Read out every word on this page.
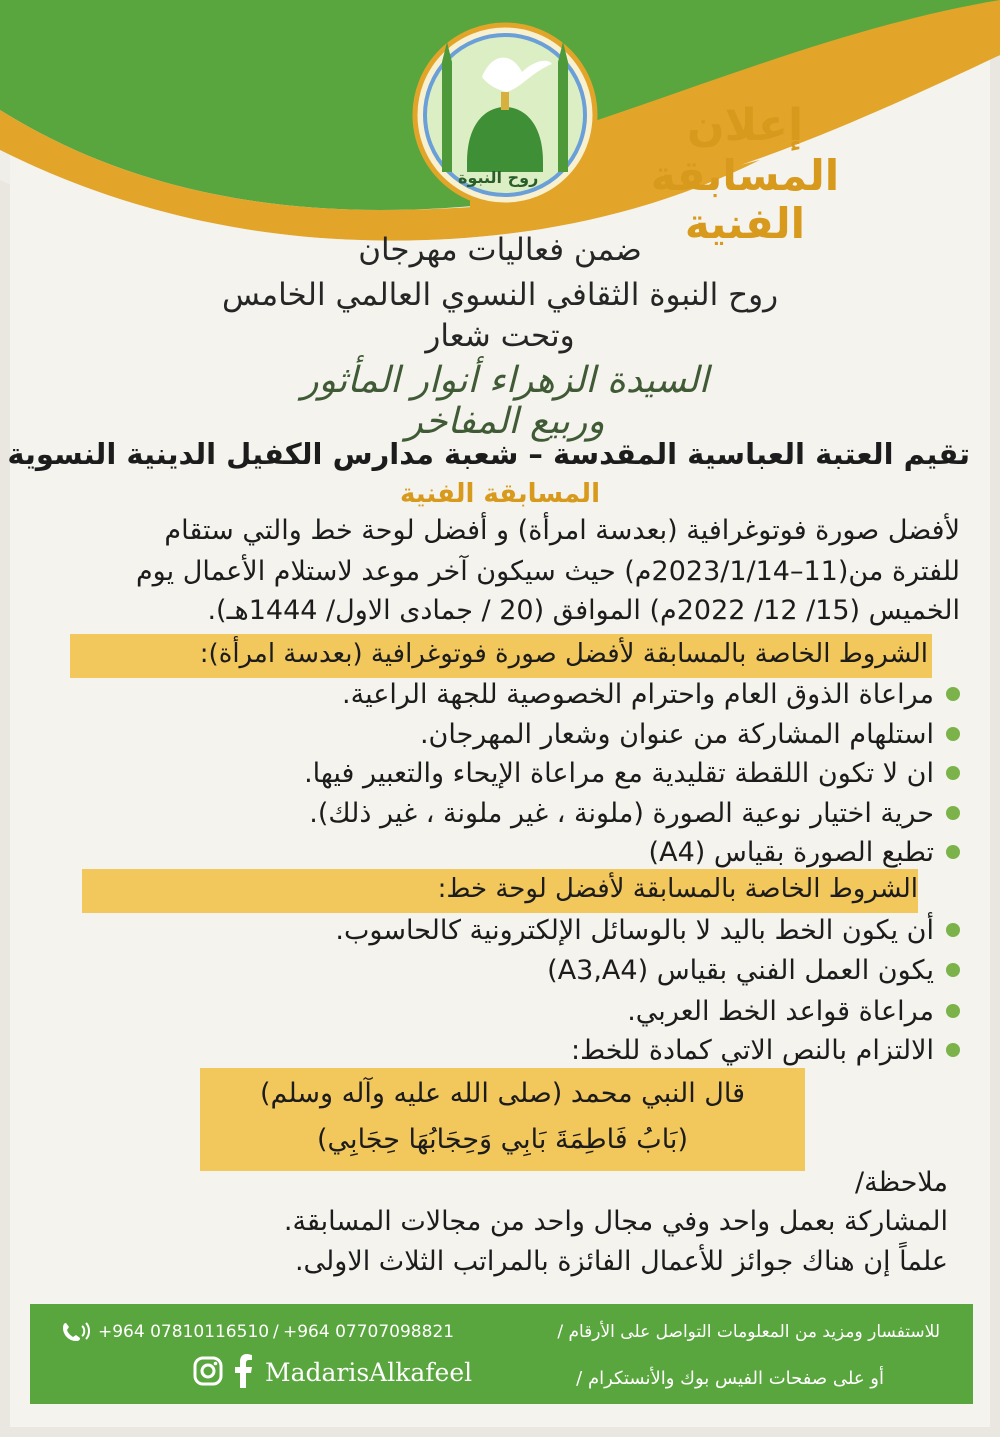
روح النبوة
إعلان
المسابقة الفنية
ضمن فعاليات مهرجان
روح النبوة الثقافي النسوي العالمي الخامس
وتحت شعار
السيدة الزهراء أنوار المأثور وربيع المفاخر
تقيم العتبة العباسية المقدسة – شعبة مدارس الكفيل الدينية النسوية
المسابقة الفنية
لأفضل صورة فوتوغرافية (بعدسة امرأة) و أفضل لوحة خط والتي ستقام
للفترة من(11–2023/1/14م) حيث سيكون آخر موعد لاستلام الأعمال يوم
الخميس (15/ 12/ 2022م) الموافق (20 / جمادى الاول/ 1444هـ).
الشروط الخاصة بالمسابقة لأفضل صورة فوتوغرافية (بعدسة امرأة):
مراعاة الذوق العام واحترام الخصوصية للجهة الراعية.
استلهام المشاركة من عنوان وشعار المهرجان.
ان لا تكون اللقطة تقليدية مع مراعاة الإيحاء والتعبير فيها.
حرية اختيار نوعية الصورة (ملونة ، غير ملونة ، غير ذلك).
تطبع الصورة بقياس (A4)
الشروط الخاصة بالمسابقة لأفضل لوحة خط:
أن يكون الخط باليد لا بالوسائل الإلكترونية كالحاسوب.
يكون العمل الفني بقياس (A3,A4)
مراعاة قواعد الخط العربي.
الالتزام بالنص الاتي كمادة للخط:
قال النبي محمد (صلى الله عليه وآله وسلم)
(بَابُ فَاطِمَةَ بَابِي وَحِجَابُهَا حِجَابِي)
ملاحظة/
المشاركة بعمل واحد وفي مجال واحد من مجالات المسابقة.
علماً إن هناك جوائز للأعمال الفائزة بالمراتب الثلاث الاولى.
للاستفسار ومزيد من المعلومات التواصل على الأرقام /
+964 07707098821
/
+964 07810116510
أو على صفحات الفيس بوك والأنستكرام /
MadarisAlkafeel
